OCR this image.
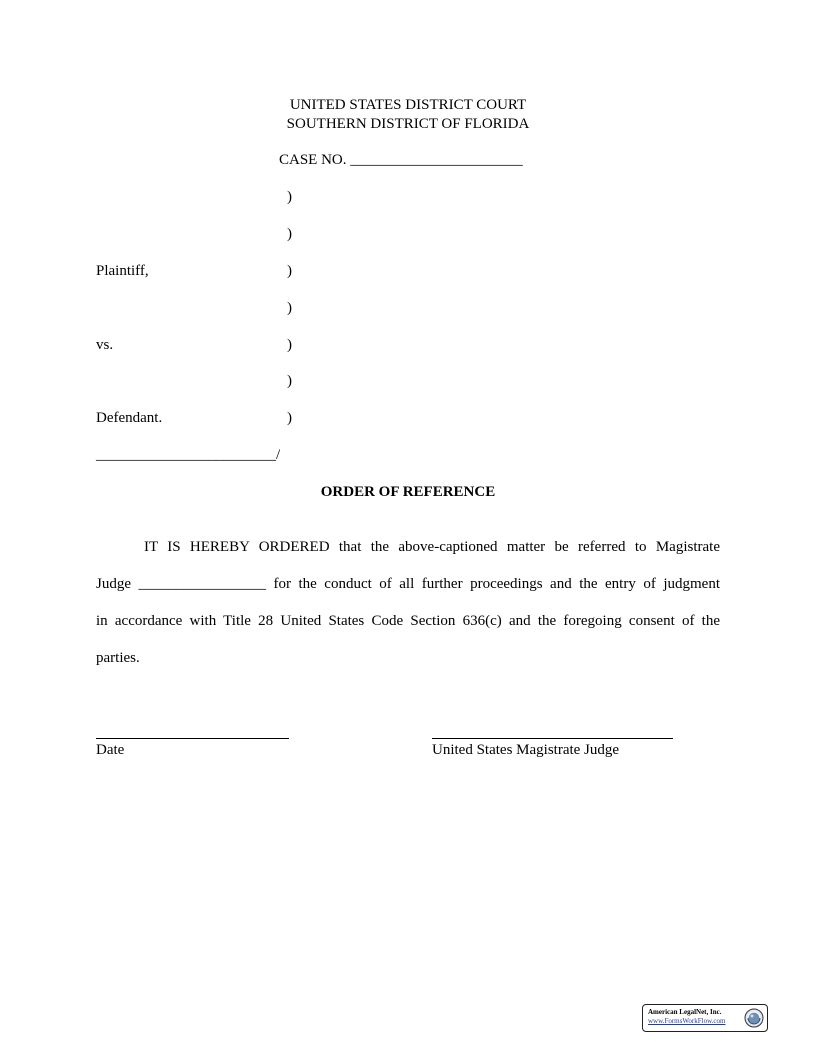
UNITED STATES DISTRICT COURT
SOUTHERN DISTRICT OF FLORIDA
CASE NO. _______________________
)
)
)
)
)
)
)
Plaintiff,
vs.
Defendant.
________________________/
ORDER OF REFERENCE
IT IS HEREBY ORDERED that the above-captioned matter be referred to Magistrate
Judge _________________ for the conduct of all further proceedings and the entry of judgment
in accordance with Title 28 United States Code Section 636(c) and the foregoing consent of the
parties.
Date	United States Magistrate Judge
American LegalNet, Inc.
www.FormsWorkFlow.com
